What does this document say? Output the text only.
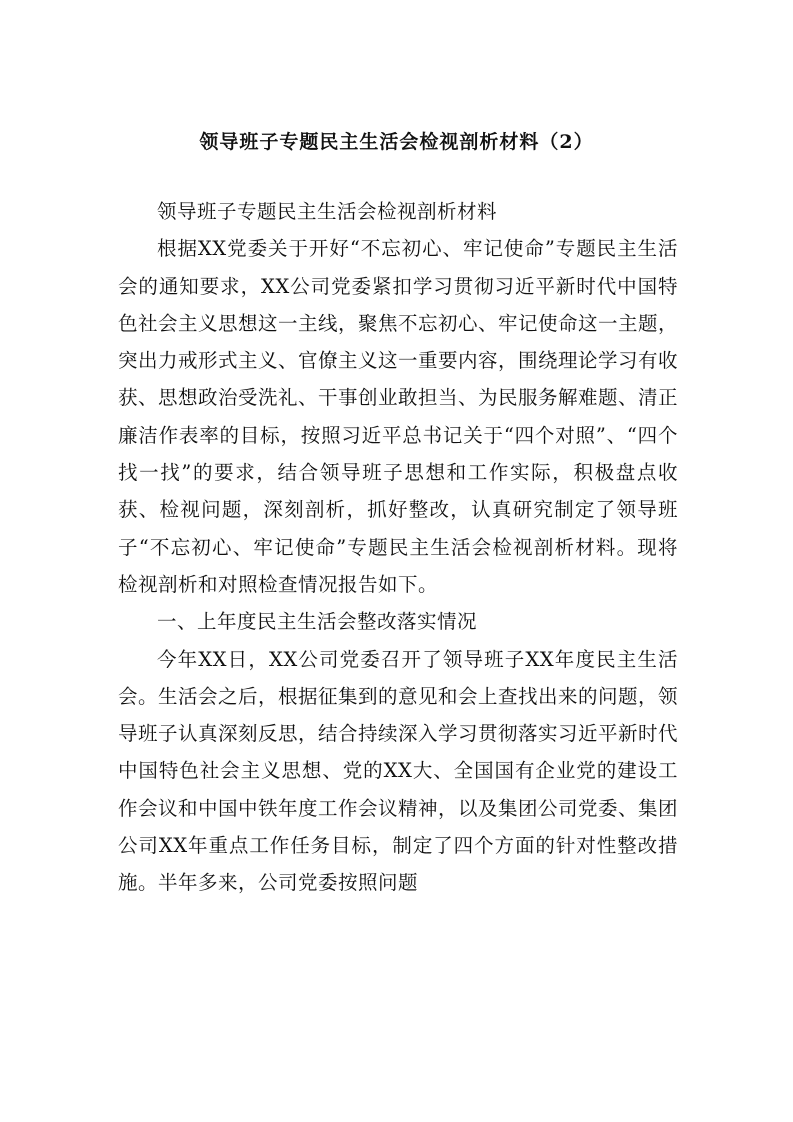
领导班子专题民主生活会检视剖析材料（2）

领导班子专题民主生活会检视剖析材料

根据XX党委关于开好“不忘初心、牢记使命”专题民主生活会的通知要求，XX公司党委紧扣学习贯彻习近平新时代中国特色社会主义思想这一主线，聚焦不忘初心、牢记使命这一主题，突出力戒形式主义、官僚主义这一重要内容，围绕理论学习有收获、思想政治受洗礼、干事创业敢担当、为民服务解难题、清正廉洁作表率的目标，按照习近平总书记关于“四个对照”、“四个找一找”的要求，结合领导班子思想和工作实际，积极盘点收获、检视问题，深刻剖析，抓好整改，认真研究制定了领导班子“不忘初心、牢记使命”专题民主生活会检视剖析材料。现将检视剖析和对照检查情况报告如下。

一、上年度民主生活会整改落实情况

今年XX日，XX公司党委召开了领导班子XX年度民主生活会。生活会之后，根据征集到的意见和会上查找出来的问题，领导班子认真深刻反思，结合持续深入学习贯彻落实习近平新时代中国特色社会主义思想、党的XX大、全国国有企业党的建设工作会议和中国中铁年度工作会议精神，以及集团公司党委、集团公司XX年重点工作任务目标，制定了四个方面的针对性整改措施。半年多来，公司党委按照问题
